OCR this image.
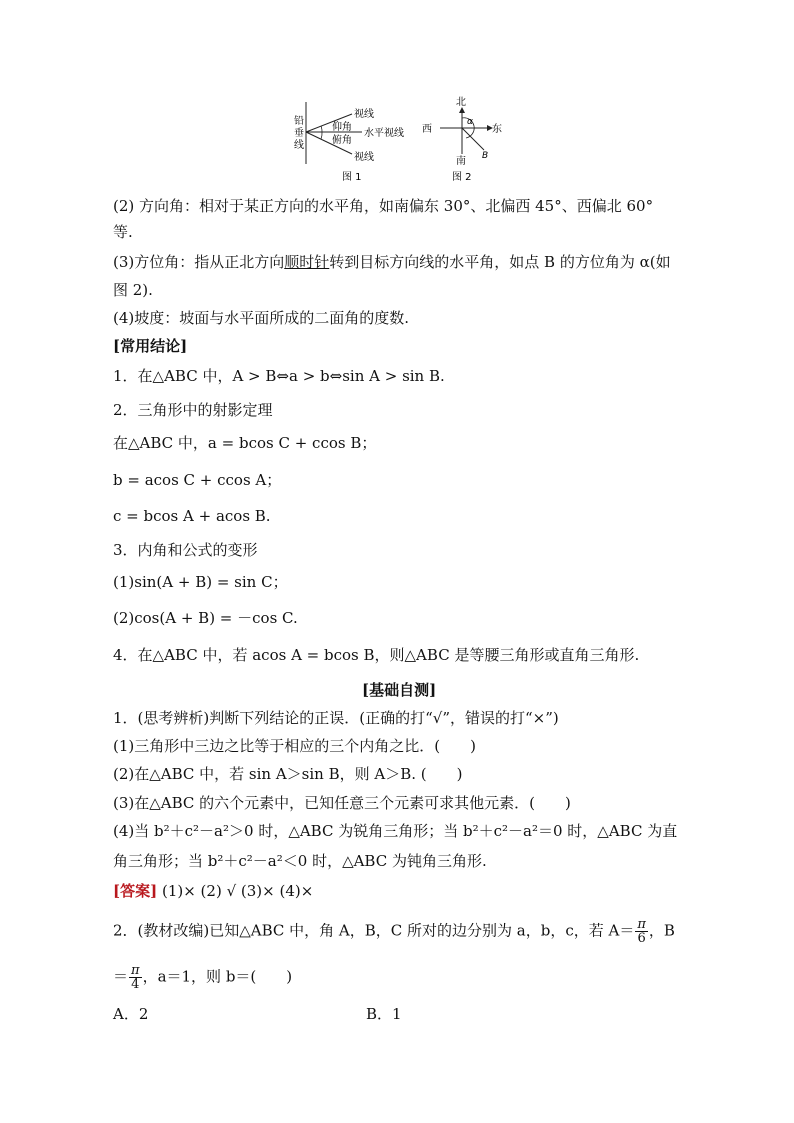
铅
垂
线
视线
仰角
水平视线
俯角
视线
图 1
北
西	东
南
α
B
图 2
(2) 方向角：相对于某正方向的水平角，如南偏东 30°、北偏西 45°、西偏北 60°
等.
(3)方位角：指从正北方向顺时针转到目标方向线的水平角，如点 B 的方位角为 α(如
图 2).
(4)坡度：坡面与水平面所成的二面角的度数.
[常用结论]
1．在△ABC 中，A > B⇔a > b⇔sin A > sin B.
2．三角形中的射影定理
在△ABC 中，a = bcos C + ccos B；
b = acos C + ccos A；
c = bcos A + acos B.
3．内角和公式的变形
(1)sin(A + B) = sin C；
(2)cos(A + B) = －cos C.
4．在△ABC 中，若 acos A = bcos B，则△ABC 是等腰三角形或直角三角形.
[基础自测]
1．(思考辨析)判断下列结论的正误．(正确的打“√”，错误的打“×”)
(1)三角形中三边之比等于相应的三个内角之比．(　　)
(2)在△ABC 中，若 sin A＞sin B，则 A＞B. (　　)
(3)在△ABC 的六个元素中，已知任意三个元素可求其他元素．(　　)
(4)当 b²＋c²－a²＞0 时，△ABC 为锐角三角形；当 b²＋c²－a²＝0 时，△ABC 为直
角三角形；当 b²＋c²－a²＜0 时，△ABC 为钝角三角形.
[答案] (1)× (2) √ (3)× (4)×
2．(教材改编)已知△ABC 中，角 A，B，C 所对的边分别为 a，b，c，若 $A= \frac{\pi}{6}$ ，B
＝ $\frac{\pi}{4}$ ，a＝1，则 b＝(　　)
A．2	B．1
